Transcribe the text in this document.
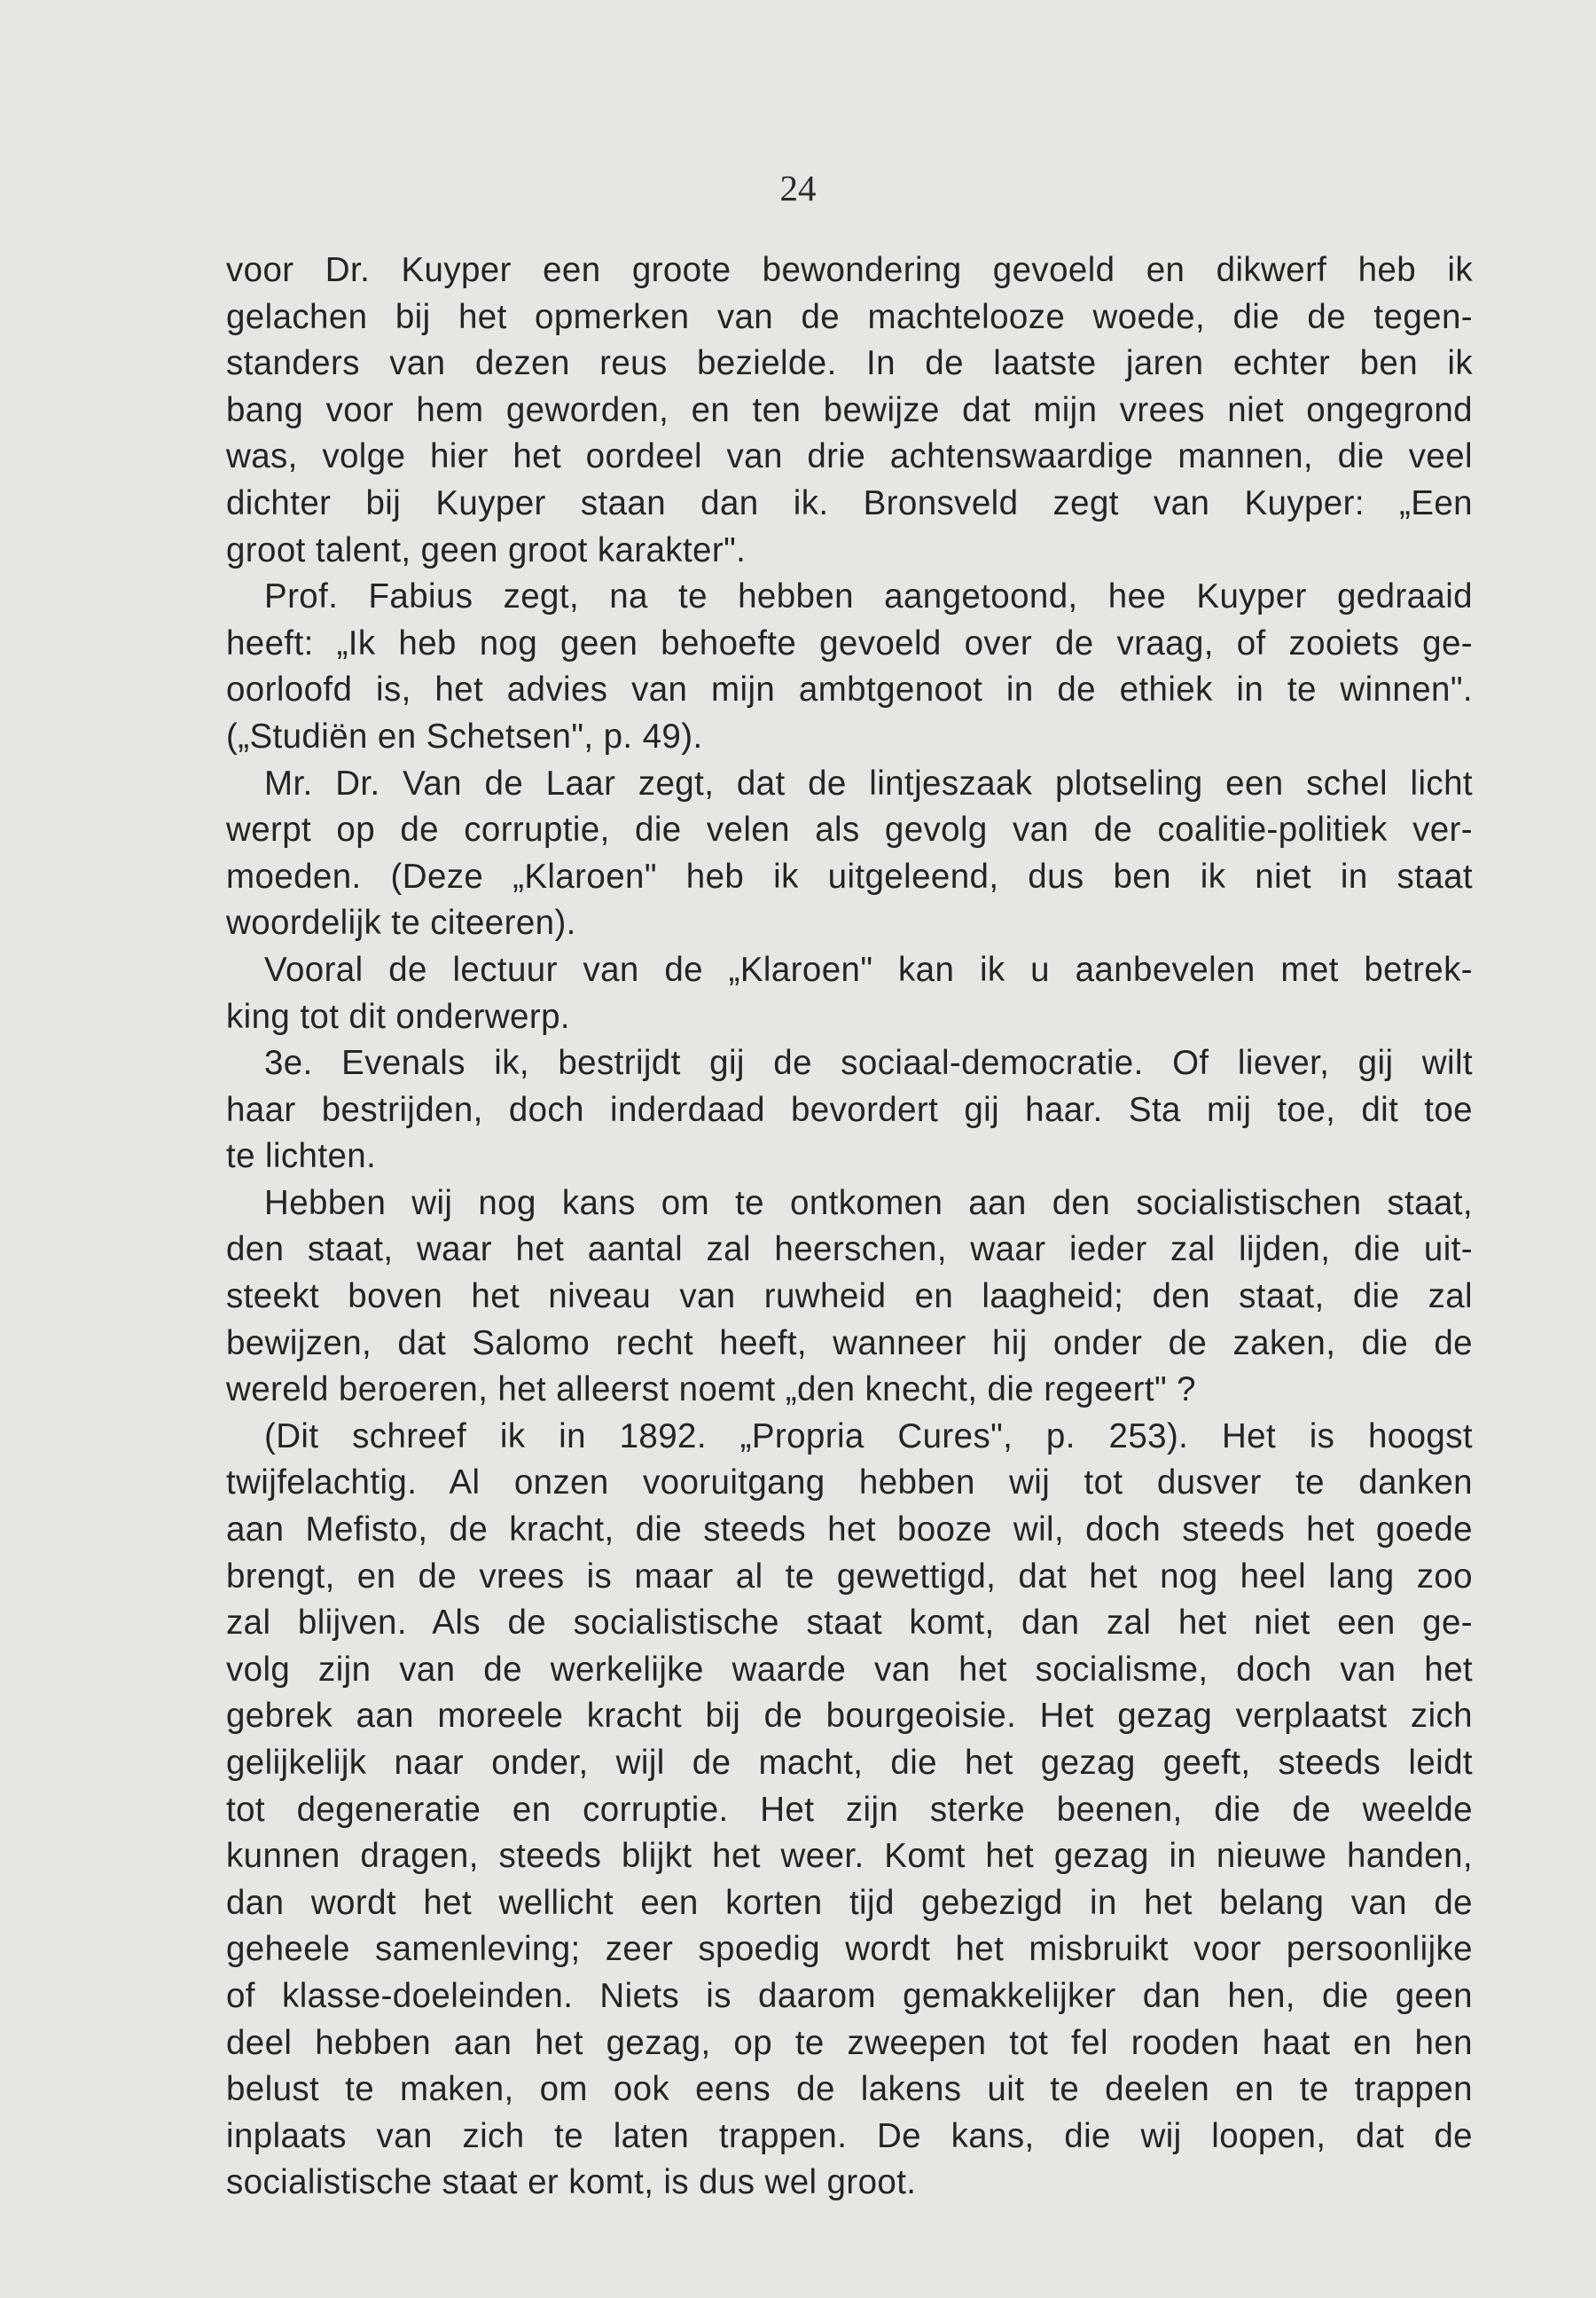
24

voor Dr. Kuyper een groote bewondering gevoeld en dikwerf heb ik
gelachen bij het opmerken van de machtelooze woede, die de tegen-
standers van dezen reus bezielde. In de laatste jaren echter ben ik
bang voor hem geworden, en ten bewijze dat mijn vrees niet ongegrond
was, volge hier het oordeel van drie achtenswaardige mannen, die veel
dichter bij Kuyper staan dan ik. Bronsveld zegt van Kuyper: „Een
groot talent, geen groot karakter".
Prof. Fabius zegt, na te hebben aangetoond, hee Kuyper gedraaid
heeft: „Ik heb nog geen behoefte gevoeld over de vraag, of zooiets ge-
oorloofd is, het advies van mijn ambtgenoot in de ethiek in te winnen".
(„Studiën en Schetsen", p. 49).
Mr. Dr. Van de Laar zegt, dat de lintjeszaak plotseling een schel licht
werpt op de corruptie, die velen als gevolg van de coalitie-politiek ver-
moeden. (Deze „Klaroen" heb ik uitgeleend, dus ben ik niet in staat
woordelijk te citeeren).
Vooral de lectuur van de „Klaroen" kan ik u aanbevelen met betrek-
king tot dit onderwerp.
3e. Evenals ik, bestrijdt gij de sociaal-democratie. Of liever, gij wilt
haar bestrijden, doch inderdaad bevordert gij haar. Sta mij toe, dit toe
te lichten.
Hebben wij nog kans om te ontkomen aan den socialistischen staat,
den staat, waar het aantal zal heerschen, waar ieder zal lijden, die uit-
steekt boven het niveau van ruwheid en laagheid; den staat, die zal
bewijzen, dat Salomo recht heeft, wanneer hij onder de zaken, die de
wereld beroeren, het alleerst noemt „den knecht, die regeert" ?
(Dit schreef ik in 1892. „Propria Cures", p. 253). Het is hoogst
twijfelachtig. Al onzen vooruitgang hebben wij tot dusver te danken
aan Mefisto, de kracht, die steeds het booze wil, doch steeds het goede
brengt, en de vrees is maar al te gewettigd, dat het nog heel lang zoo
zal blijven. Als de socialistische staat komt, dan zal het niet een ge-
volg zijn van de werkelijke waarde van het socialisme, doch van het
gebrek aan moreele kracht bij de bourgeoisie. Het gezag verplaatst zich
gelijkelijk naar onder, wijl de macht, die het gezag geeft, steeds leidt
tot degeneratie en corruptie. Het zijn sterke beenen, die de weelde
kunnen dragen, steeds blijkt het weer. Komt het gezag in nieuwe handen,
dan wordt het wellicht een korten tijd gebezigd in het belang van de
geheele samenleving; zeer spoedig wordt het misbruikt voor persoonlijke
of klasse-doeleinden. Niets is daarom gemakkelijker dan hen, die geen
deel hebben aan het gezag, op te zweepen tot fel rooden haat en hen
belust te maken, om ook eens de lakens uit te deelen en te trappen
inplaats van zich te laten trappen. De kans, die wij loopen, dat de
socialistische staat er komt, is dus wel groot.
